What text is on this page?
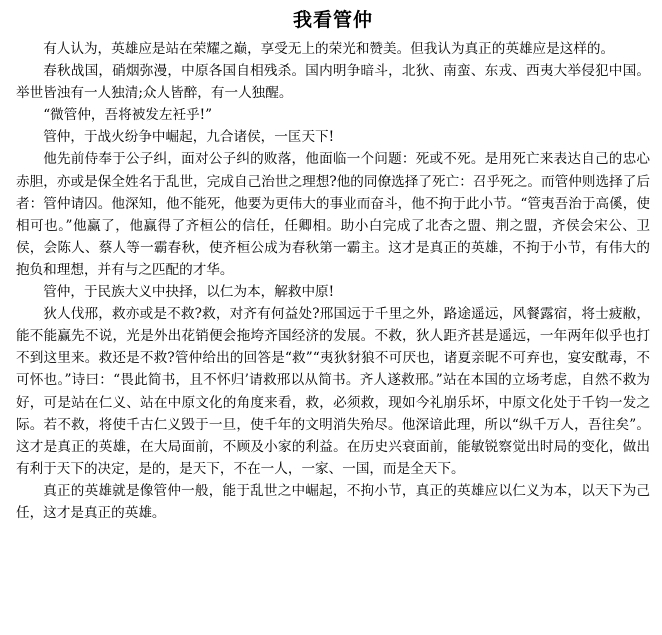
我看管仲

有人认为，英雄应是站在荣耀之巅，享受无上的荣光和赞美。但我认为真正的英雄应是这样的。

春秋战国，硝烟弥漫，中原各国自相残杀。国内明争暗斗，北狄、南蛮、东戎、西夷大举侵犯中国。举世皆浊有一人独清;众人皆醉，有一人独醒。

“微管仲，吾将被发左衽乎!”

管仲，于战火纷争中崛起，九合诸侯，一匡天下!

他先前侍奉于公子纠，面对公子纠的败落，他面临一个问题：死或不死。是用死亡来表达自己的忠心赤胆，亦或是保全姓名于乱世，完成自己治世之理想?他的同僚选择了死亡：召乎死之。而管仲则选择了后者：管仲请囚。他深知，他不能死，他要为更伟大的事业而奋斗，他不拘于此小节。“管夷吾治于高傒，使相可也。”他赢了，他赢得了齐桓公的信任，任卿相。助小白完成了北杏之盟、荆之盟，齐侯会宋公、卫侯，会陈人、蔡人等一霸春秋，使齐桓公成为春秋第一霸主。这才是真正的英雄，不拘于小节，有伟大的抱负和理想，并有与之匹配的才华。

管仲，于民族大义中抉择，以仁为本，解救中原!

狄人伐邢，救亦或是不救?救，对齐有何益处?邢国远于千里之外，路途遥远，风餐露宿，将士疲敝，能不能赢先不说，光是外出花销便会拖垮齐国经济的发展。不救，狄人距齐甚是遥远，一年两年似乎也打不到这里来。救还是不救?管仲给出的回答是“救”“夷狄豺狼不可厌也，诸夏亲昵不可弃也，宴安酖毒，不可怀也。”诗曰：“畏此简书，且不怀归’请救邢以从简书。齐人遂救邢。”站在本国的立场考虑，自然不救为好，可是站在仁义、站在中原文化的角度来看，救，必须救，现如今礼崩乐坏，中原文化处于千钧一发之际。若不救，将使千古仁义毁于一旦，使千年的文明消失殆尽。他深谙此理，所以“纵千万人，吾往矣”。这才是真正的英雄，在大局面前，不顾及小家的利益。在历史兴衰面前，能敏锐察觉出时局的变化，做出有利于天下的决定，是的，是天下，不在一人，一家、一国，而是全天下。

真正的英雄就是像管仲一般，能于乱世之中崛起，不拘小节，真正的英雄应以仁义为本，以天下为己任，这才是真正的英雄。
